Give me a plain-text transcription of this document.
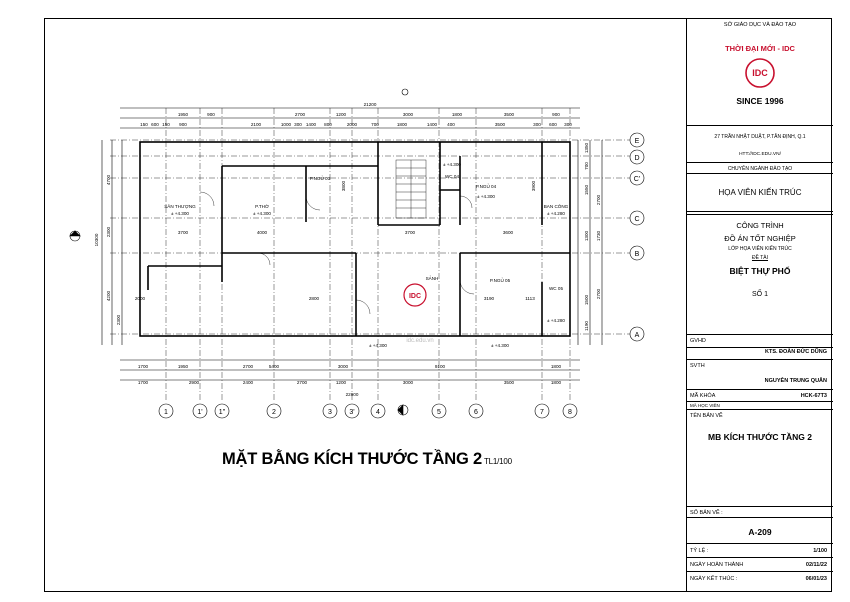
1	1' 1''	2	3 3'	4	5	6	7	8
E
D
C'
C
B
A
21200
22900
10300
1950	900	2700	1200	3000	1800	3500	900
150 600 150 900	2100	1000 300 1400 800	2000	700	1800	1400 400	3500	300 600 300
1700	1950	2700	5400	3000	9100	1800
1700	2900	2400	2700	1200	3000	3500	1800
4700
2300
4200
2300
1350
700
1550
2700
1300 1730
2700
1500
1190
3700	4000
3800
3700	3600
3900
3190
2800
2000	1113
SÂN THƯỢNG
± +4.300
P.THỜ
± +4.300
P.NGỦ 03
P.NGỦ 04
± +4.300
BAN CÔNG
± +4.280
WC 04
± +4.300
P.NGỦ 05
± +4.300
WC 05
± +4.280
SẢNH
± +4.300
IDC
idc.edu.vn
MẶT BẰNG KÍCH THƯỚC TẦNG 2 TL1/100
SỞ GIÁO DỤC VÀ ĐÀO TẠO
THỜI ĐẠI MỚI - IDC
IDC
SINCE 1996
27 TRẦN NHẬT DUẬT, P.TÂN ĐỊNH, Q.1
HTT://IDC.EDU.VN/
CHUYÊN NGÀNH ĐÀO TẠO
HỌA VIÊN KIẾN TRÚC
CÔNG TRÌNH
ĐỒ ÁN TỐT NGHIỆP
LỚP HỌA VIÊN KIẾN TRÚC
ĐỀ TÀI
BIỆT THỰ PHỐ
SỐ 1
GVHD
KTS. ĐOÀN ĐỨC DŨNG
SVTH
NGUYỄN TRUNG QUÂN
MÃ KHÓA	HCK-67T3
MÃ HỌC VIÊN
TÊN BẢN VẼ
MB KÍCH THƯỚC TẦNG 2
SỐ BẢN VẼ :
A-209
TỶ LỆ :	1/100
NGÀY HOÀN THÀNH	02/11/22
NGÀY KẾT THÚC :	06/01/23
